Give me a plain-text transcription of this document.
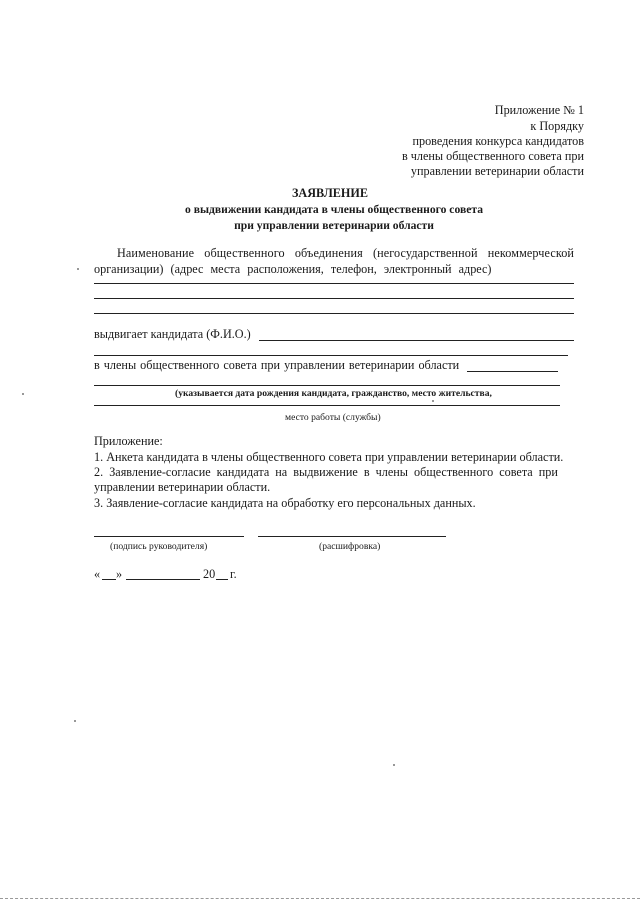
Приложение № 1
к Порядку
проведения конкурса кандидатов
в члены общественного совета при
управлении ветеринарии области
ЗАЯВЛЕНИЕ
о выдвижении кандидата в члены общественного совета
при управлении ветеринарии области
Наименование общественного объединения (негосударственной некоммерческой
организации) (адрес места расположения, телефон, электронный адрес)
выдвигает кандидата (Ф.И.О.)
в члены общественного совета при управлении ветеринарии области
(указывается дата рождения кандидата, гражданство, место жительства,
место работы (службы)
Приложение:
1. Анкета кандидата в члены общественного совета при управлении ветеринарии области.
2. Заявление-согласие кандидата на выдвижение в члены общественного совета при
управлении ветеринарии области.
3. Заявление-согласие кандидата на обработку его персональных данных.
(подпись руководителя)	(расшифровка)
« »	20 г.
